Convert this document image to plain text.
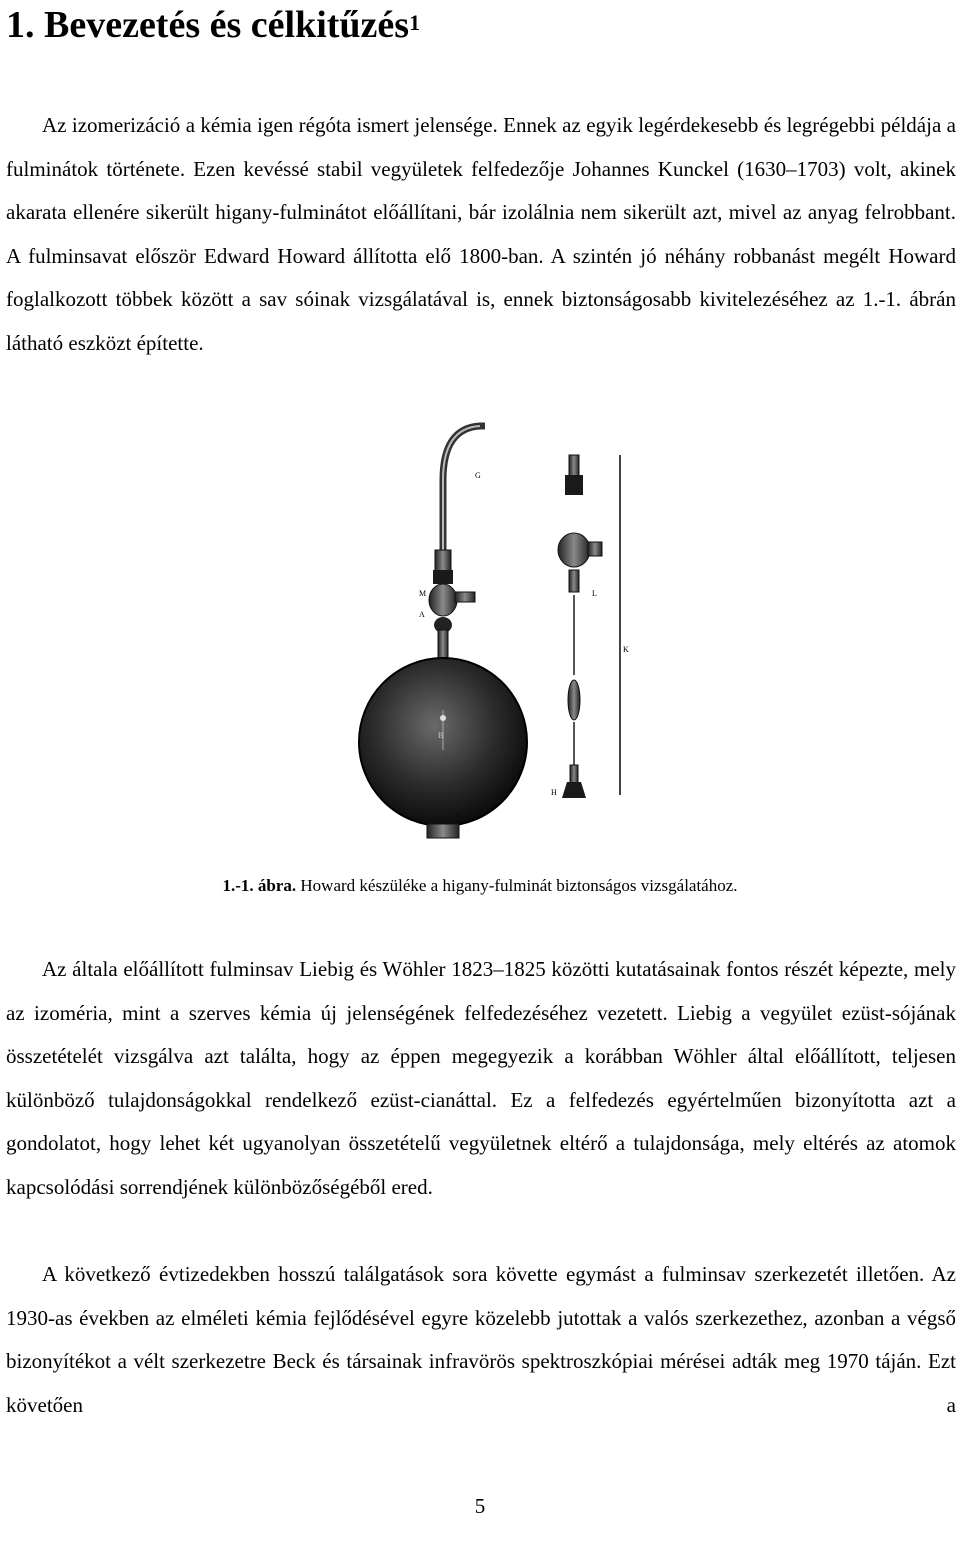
1. Bevezetés és célkitűzés$^1$

Az izomerizáció a kémia igen régóta ismert jelensége. Ennek az egyik legérdekesebb és legrégebbi példája a fulminátok története. Ezen kevéssé stabil vegyületek felfedezője Johannes Kunckel (1630–1703) volt, akinek akarata ellenére sikerült higany-fulminátot előállítani, bár izolálnia nem sikerült azt, mivel az anyag felrobbant. A fulminsavat először Edward Howard állította elő 1800-ban. A szintén jó néhány robbanást megélt Howard foglalkozott többek között a sav sóinak vizsgálatával is, ennek biztonságosabb kivitelezéséhez az 1.-1. ábrán látható eszközt építette.

G
M
A
B
C
L
K
H
1.-1. ábra. Howard készüléke a higany-fulminát biztonságos vizsgálatához.

Az általa előállított fulminsav Liebig és Wöhler 1823–1825 közötti kutatásainak fontos részét képezte, mely az izoméria, mint a szerves kémia új jelenségének felfedezéséhez vezetett. Liebig a vegyület ezüst-sójának összetételét vizsgálva azt találta, hogy az éppen megegyezik a korábban Wöhler által előállított, teljesen különböző tulajdonságokkal rendelkező ezüst-cianáttal. Ez a felfedezés egyértelműen bizonyította azt a gondolatot, hogy lehet két ugyanolyan összetételű vegyületnek eltérő a tulajdonsága, mely eltérés az atomok kapcsolódási sorrendjének különbözőségéből ered.

A következő évtizedekben hosszú találgatások sora követte egymást a fulminsav szerkezetét illetően. Az 1930-as években az elméleti kémia fejlődésével egyre közelebb jutottak a valós szerkezethez, azonban a végső bizonyítékot a vélt szerkezetre Beck és társainak infravörös spektroszkópiai mérései adták meg 1970 táján. Ezt követően a

5
